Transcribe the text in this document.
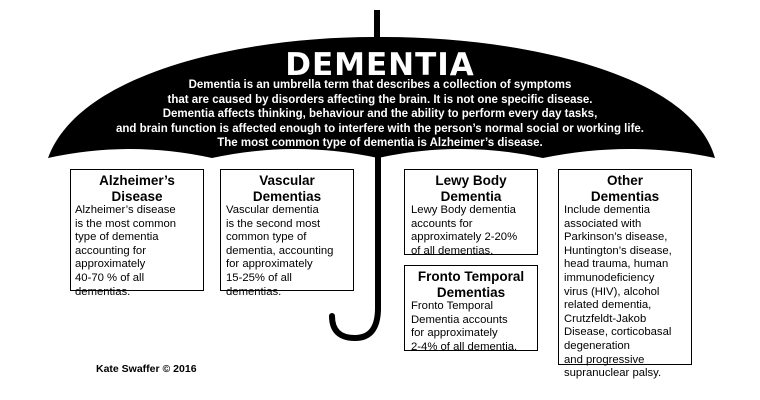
DEMENTIA
Dementia is an umbrella term that describes a collection of symptoms
that are caused by disorders affecting the brain. It is not one specific disease.
Dementia affects thinking, behaviour and the ability to perform every day tasks,
and brain function is affected enough to interfere with the person’s normal social or working life.
The most common type of dementia is Alzheimer’s disease.
Alzheimer’s
Disease
Alzheimer’s disease
is the most common
type of dementia
accounting for
approximately
40-70 % of all
dementias.
Vascular
Dementias
Vascular dementia
is the second most
common type of
dementia, accounting
for approximately
15-25% of all
dementias.
Lewy Body
Dementia
Lewy Body dementia
accounts for
approximately 2-20%
of all dementias.
Fronto Temporal
Dementias
Fronto Temporal
Dementia accounts
for approximately
2-4% of all dementia.
Other
Dementias
Include dementia
associated with
Parkinson’s disease,
Huntington’s disease,
head trauma, human
immunodeficiency
virus (HIV), alcohol
related dementia,
Crutzfeldt-Jakob
Disease, corticobasal
degeneration
and progressive
supranuclear palsy.
Kate Swaffer © 2016
